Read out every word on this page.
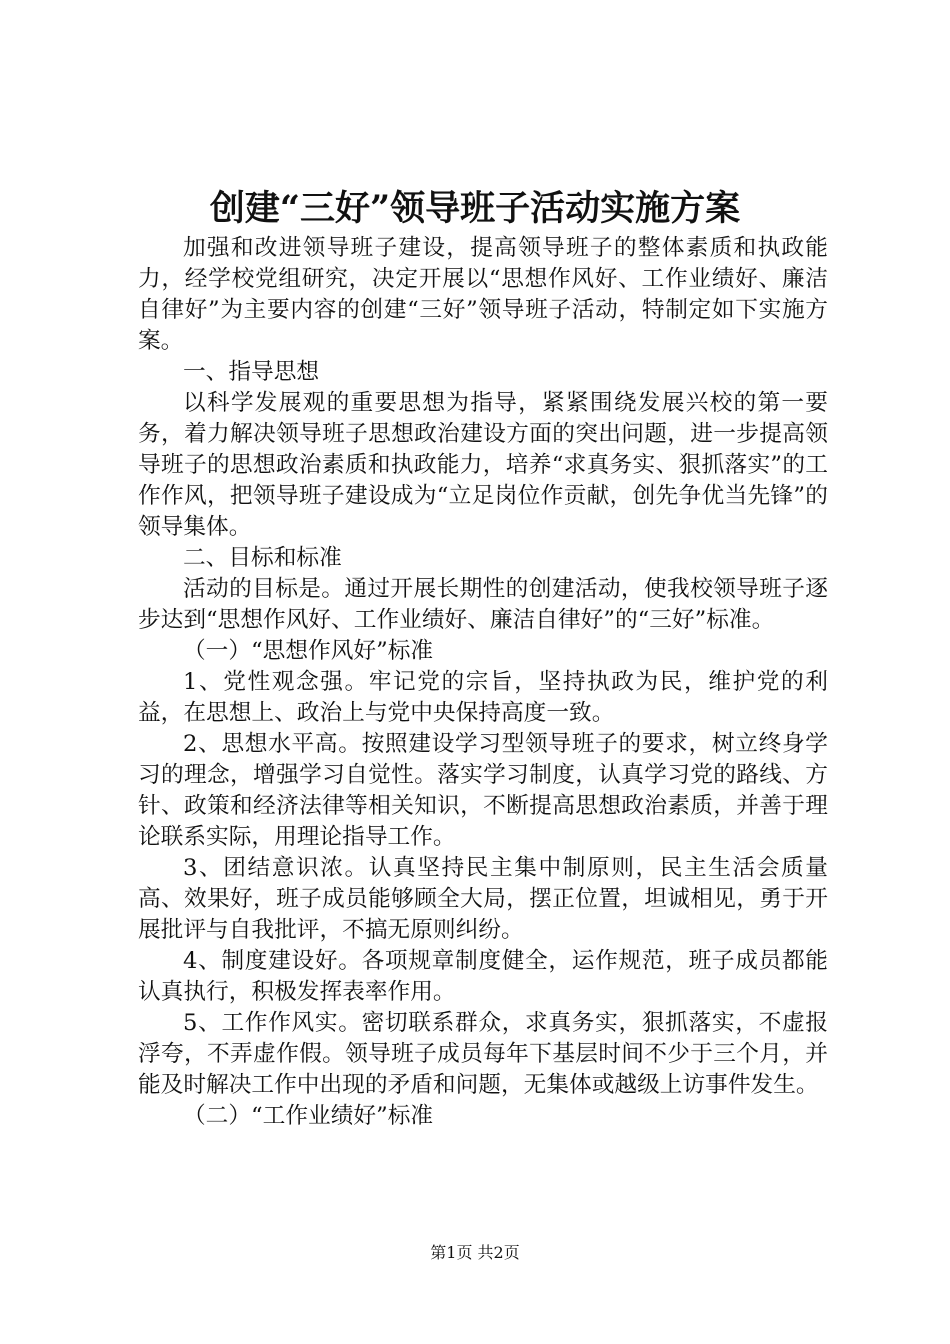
创建“三好”领导班子活动实施方案

加强和改进领导班子建设，提高领导班子的整体素质和执政能力，经学校党组研究，决定开展以“思想作风好、工作业绩好、廉洁自律好”为主要内容的创建“三好”领导班子活动，特制定如下实施方案。

一、指导思想

以科学发展观的重要思想为指导，紧紧围绕发展兴校的第一要务，着力解决领导班子思想政治建设方面的突出问题，进一步提高领导班子的思想政治素质和执政能力，培养“求真务实、狠抓落实”的工作作风，把领导班子建设成为“立足岗位作贡献，创先争优当先锋”的领导集体。

二、目标和标准

活动的目标是。通过开展长期性的创建活动，使我校领导班子逐步达到“思想作风好、工作业绩好、廉洁自律好”的“三好”标准。

（一）“思想作风好”标准

1、党性观念强。牢记党的宗旨，坚持执政为民，维护党的利益，在思想上、政治上与党中央保持高度一致。

2、思想水平高。按照建设学习型领导班子的要求，树立终身学习的理念，增强学习自觉性。落实学习制度，认真学习党的路线、方针、政策和经济法律等相关知识，不断提高思想政治素质，并善于理论联系实际，用理论指导工作。

3、团结意识浓。认真坚持民主集中制原则，民主生活会质量高、效果好，班子成员能够顾全大局，摆正位置，坦诚相见，勇于开展批评与自我批评，不搞无原则纠纷。

4、制度建设好。各项规章制度健全，运作规范，班子成员都能认真执行，积极发挥表率作用。

5、工作作风实。密切联系群众，求真务实，狠抓落实，不虚报浮夸，不弄虚作假。领导班子成员每年下基层时间不少于三个月，并能及时解决工作中出现的矛盾和问题，无集体或越级上访事件发生。

（二）“工作业绩好”标准

第1页 共2页
